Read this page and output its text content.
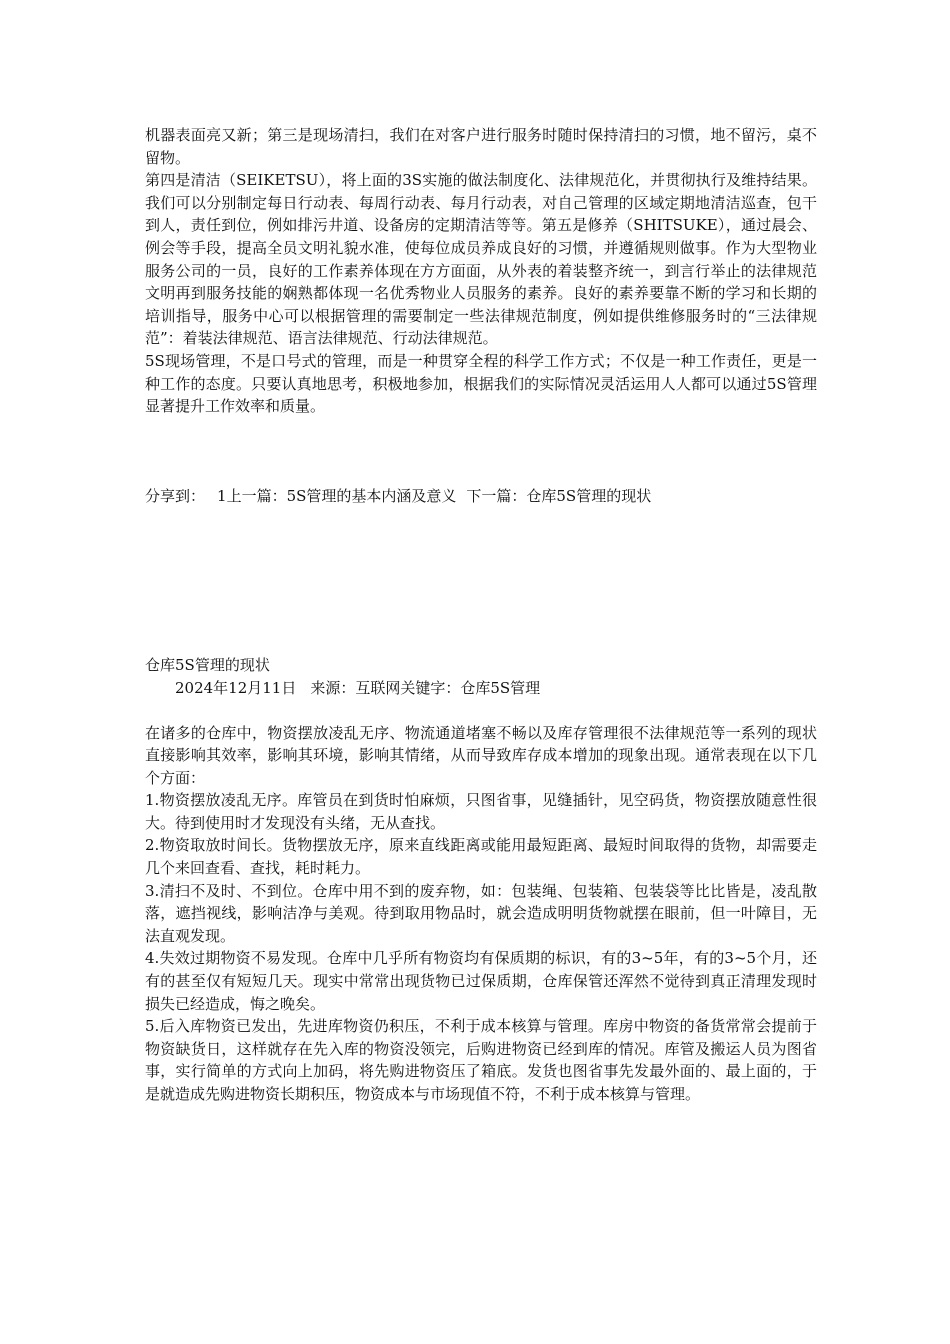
机器表面亮又新；第三是现场清扫，我们在对客户进行服务时随时保持清扫的习惯，地不留污，桌不留物。

第四是清洁（SEIKETSU），将上面的3S实施的做法制度化、法律规范化，并贯彻执行及维持结果。我们可以分别制定每日行动表、每周行动表、每月行动表，对自己管理的区域定期地清洁巡查，包干到人，责任到位，例如排污井道、设备房的定期清洁等等。第五是修养（SHITSUKE），通过晨会、例会等手段，提高全员文明礼貌水准，使每位成员养成良好的习惯，并遵循规则做事。作为大型物业服务公司的一员，良好的工作素养体现在方方面面，从外表的着装整齐统一，到言行举止的法律规范文明再到服务技能的娴熟都体现一名优秀物业人员服务的素养。良好的素养要靠不断的学习和长期的培训指导，服务中心可以根据管理的需要制定一些法律规范制度，例如提供维修服务时的“三法律规范”：着装法律规范、语言法律规范、行动法律规范。

5S现场管理，不是口号式的管理，而是一种贯穿全程的科学工作方式；不仅是一种工作责任，更是一种工作的态度。只要认真地思考，积极地参加，根据我们的实际情况灵活运用人人都可以通过5S管理显著提升工作效率和质量。

分享到： 1上一篇：5S管理的基本内涵及意义 下一篇：仓库5S管理的现状

仓库5S管理的现状

2024年12月11日 来源：互联网关键字：仓库5S管理

在诸多的仓库中，物资摆放凌乱无序、物流通道堵塞不畅以及库存管理很不法律规范等一系列的现状直接影响其效率，影响其环境，影响其情绪，从而导致库存成本增加的现象出现。通常表现在以下几个方面：

1.物资摆放凌乱无序。库管员在到货时怕麻烦，只图省事，见缝插针，见空码货，物资摆放随意性很大。待到使用时才发现没有头绪，无从查找。

2.物资取放时间长。货物摆放无序，原来直线距离或能用最短距离、最短时间取得的货物，却需要走几个来回查看、查找，耗时耗力。

3.清扫不及时、不到位。仓库中用不到的废弃物，如：包装绳、包装箱、包装袋等比比皆是，凌乱散落，遮挡视线，影响洁净与美观。待到取用物品时，就会造成明明货物就摆在眼前，但一叶障目，无法直观发现。

4.失效过期物资不易发现。仓库中几乎所有物资均有保质期的标识，有的3~5年，有的3~5个月，还有的甚至仅有短短几天。现实中常常出现货物已过保质期，仓库保管还浑然不觉待到真正清理发现时损失已经造成，悔之晚矣。

5.后入库物资已发出，先进库物资仍积压，不利于成本核算与管理。库房中物资的备货常常会提前于物资缺货日，这样就存在先入库的物资没领完，后购进物资已经到库的情况。库管及搬运人员为图省事，实行简单的方式向上加码，将先购进物资压了箱底。发货也图省事先发最外面的、最上面的，于是就造成先购进物资长期积压，物资成本与市场现值不符，不利于成本核算与管理。
